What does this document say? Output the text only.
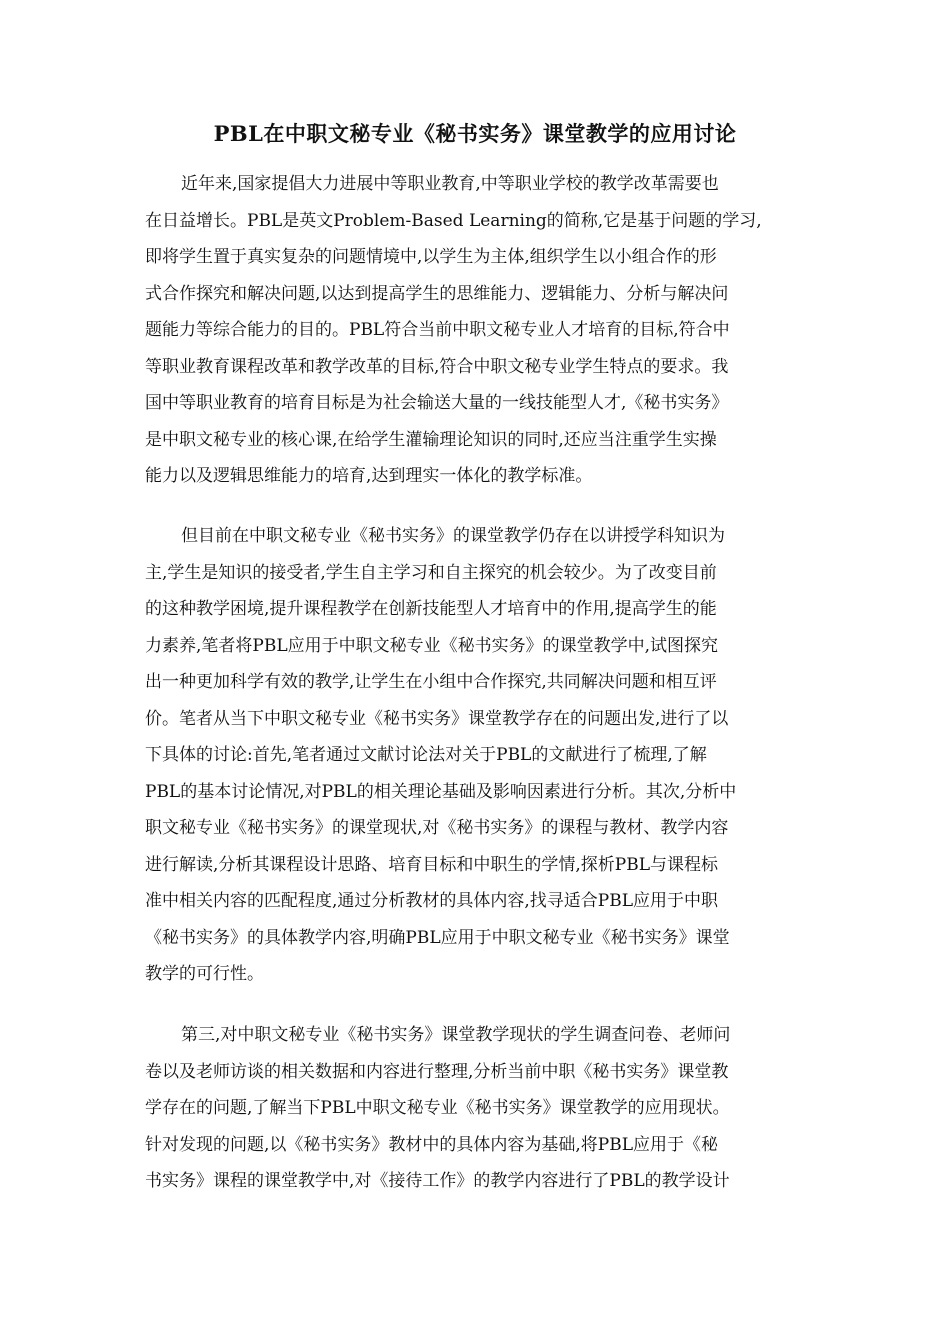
PBL在中职文秘专业《秘书实务》课堂教学的应用讨论
近年来,国家提倡大力进展中等职业教育,中等职业学校的教学改革需要也
在日益增长。PBL是英文Problem-Based Learning的简称,它是基于问题的学习,
即将学生置于真实复杂的问题情境中,以学生为主体,组织学生以小组合作的形
式合作探究和解决问题,以达到提高学生的思维能力、逻辑能力、分析与解决问
题能力等综合能力的目的。PBL符合当前中职文秘专业人才培育的目标,符合中
等职业教育课程改革和教学改革的目标,符合中职文秘专业学生特点的要求。我
国中等职业教育的培育目标是为社会输送大量的一线技能型人才,《秘书实务》
是中职文秘专业的核心课,在给学生灌输理论知识的同时,还应当注重学生实操
能力以及逻辑思维能力的培育,达到理实一体化的教学标准。
但目前在中职文秘专业《秘书实务》的课堂教学仍存在以讲授学科知识为
主,学生是知识的接受者,学生自主学习和自主探究的机会较少。为了改变目前
的这种教学困境,提升课程教学在创新技能型人才培育中的作用,提高学生的能
力素养,笔者将PBL应用于中职文秘专业《秘书实务》的课堂教学中,试图探究
出一种更加科学有效的教学,让学生在小组中合作探究,共同解决问题和相互评
价。笔者从当下中职文秘专业《秘书实务》课堂教学存在的问题出发,进行了以
下具体的讨论:首先,笔者通过文献讨论法对关于PBL的文献进行了梳理,了解
PBL的基本讨论情况,对PBL的相关理论基础及影响因素进行分析。其次,分析中
职文秘专业《秘书实务》的课堂现状,对《秘书实务》的课程与教材、教学内容
进行解读,分析其课程设计思路、培育目标和中职生的学情,探析PBL与课程标
准中相关内容的匹配程度,通过分析教材的具体内容,找寻适合PBL应用于中职
《秘书实务》的具体教学内容,明确PBL应用于中职文秘专业《秘书实务》课堂
教学的可行性。
第三,对中职文秘专业《秘书实务》课堂教学现状的学生调查问卷、老师问
卷以及老师访谈的相关数据和内容进行整理,分析当前中职《秘书实务》课堂教
学存在的问题,了解当下PBL中职文秘专业《秘书实务》课堂教学的应用现状。
针对发现的问题,以《秘书实务》教材中的具体内容为基础,将PBL应用于《秘
书实务》课程的课堂教学中,对《接待工作》的教学内容进行了PBL的教学设计
